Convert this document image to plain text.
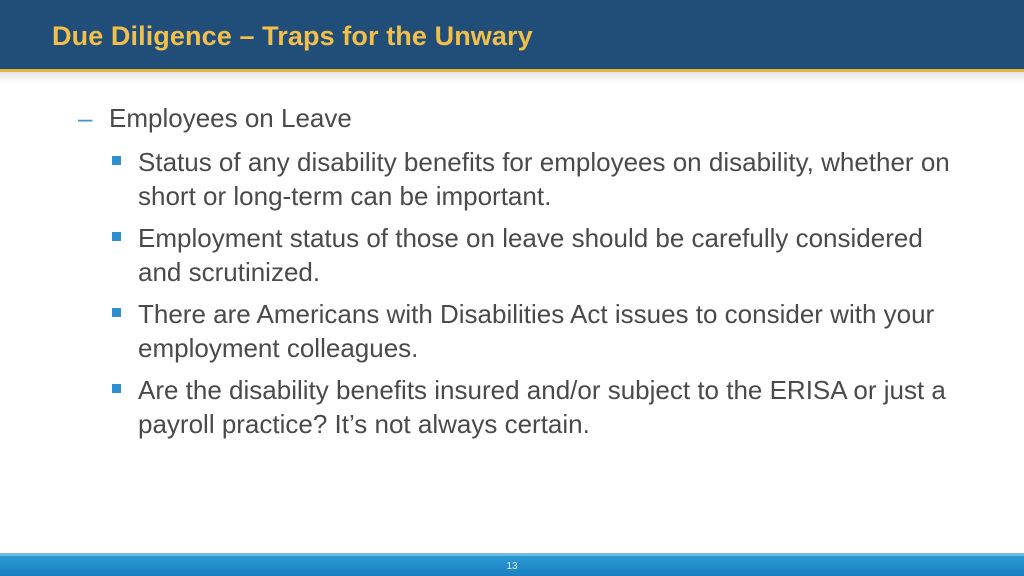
Due Diligence – Traps for the Unwary
– Employees on Leave
Status of any disability benefits for employees on disability, whether on short or long-term can be important.
Employment status of those on leave should be carefully considered and scrutinized.
There are Americans with Disabilities Act issues to consider with your employment colleagues.
Are the disability benefits insured and/or subject to the ERISA or just a payroll practice? It’s not always certain.
13
